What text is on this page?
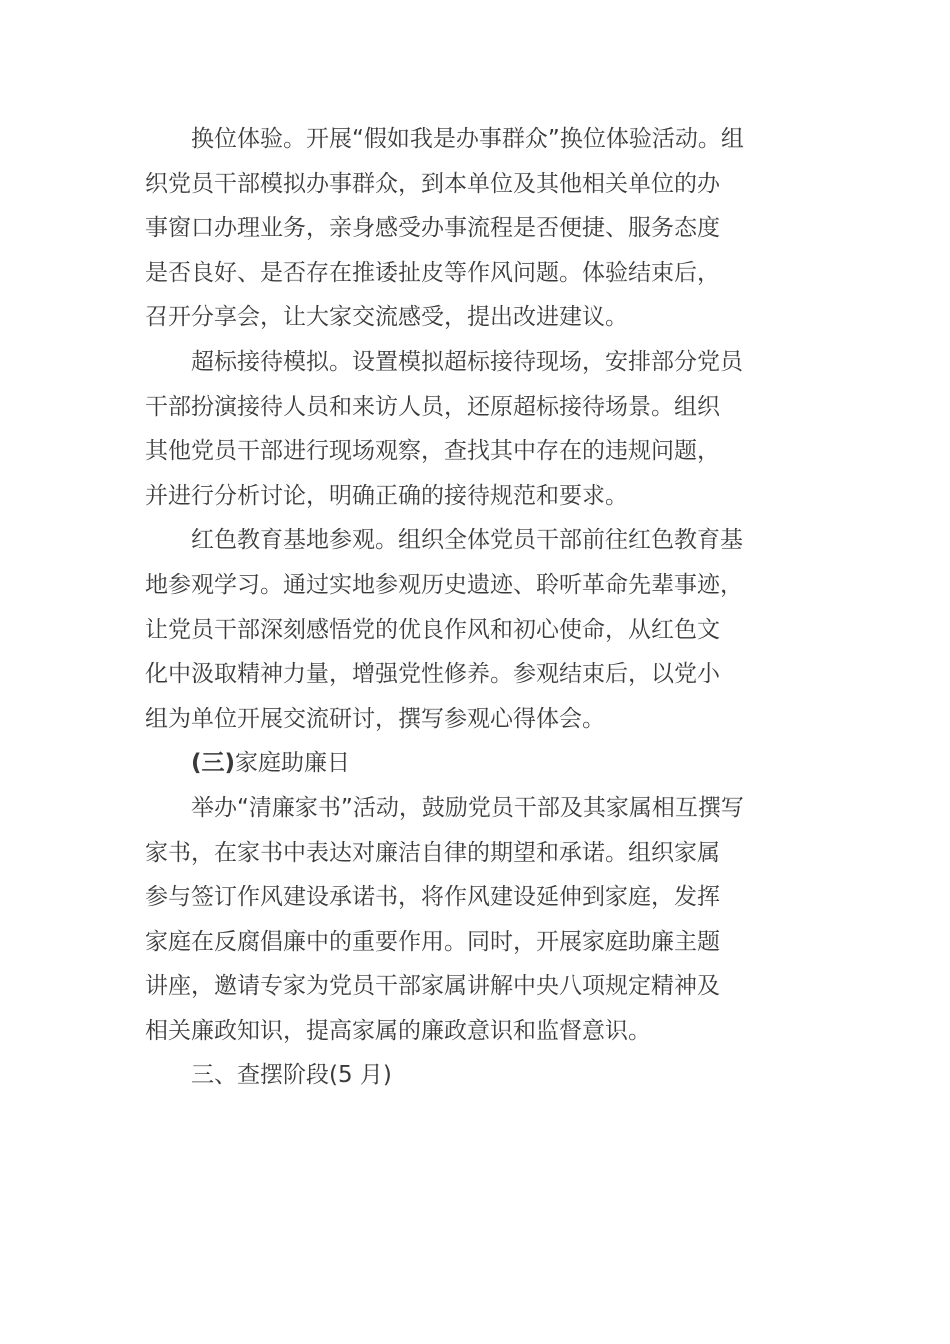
换位体验。开展“假如我是办事群众”换位体验活动。组
织党员干部模拟办事群众，到本单位及其他相关单位的办
事窗口办理业务，亲身感受办事流程是否便捷、服务态度
是否良好、是否存在推诿扯皮等作风问题。体验结束后，
召开分享会，让大家交流感受，提出改进建议。
超标接待模拟。设置模拟超标接待现场，安排部分党员
干部扮演接待人员和来访人员，还原超标接待场景。组织
其他党员干部进行现场观察，查找其中存在的违规问题，
并进行分析讨论，明确正确的接待规范和要求。
红色教育基地参观。组织全体党员干部前往红色教育基
地参观学习。通过实地参观历史遗迹、聆听革命先辈事迹，
让党员干部深刻感悟党的优良作风和初心使命，从红色文
化中汲取精神力量，增强党性修养。参观结束后，以党小
组为单位开展交流研讨，撰写参观心得体会。
(三)家庭助廉日
举办“清廉家书”活动，鼓励党员干部及其家属相互撰写
家书，在家书中表达对廉洁自律的期望和承诺。组织家属
参与签订作风建设承诺书，将作风建设延伸到家庭，发挥
家庭在反腐倡廉中的重要作用。同时，开展家庭助廉主题
讲座，邀请专家为党员干部家属讲解中央八项规定精神及
相关廉政知识，提高家属的廉政意识和监督意识。
三、查摆阶段(5 月)
